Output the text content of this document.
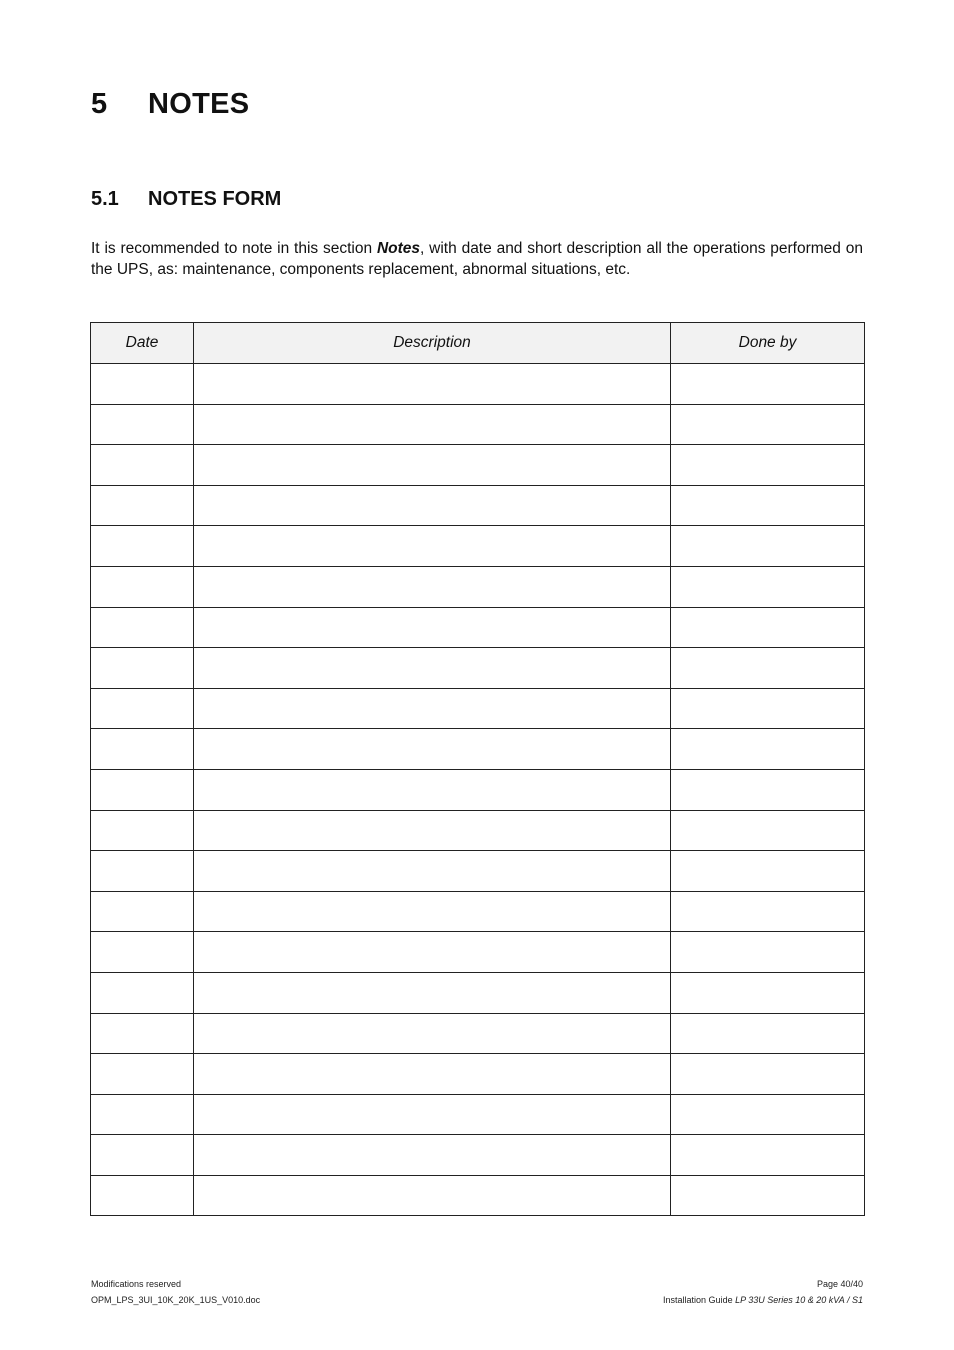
5	NOTES
5.1	NOTES FORM

It is recommended to note in this section Notes, with date and short description all the operations performed on the UPS, as: maintenance, components replacement, abnormal situations, etc.

Date	Description	Done by

Modifications reserved
OPM_LPS_3UI_10K_20K_1US_V010.doc
Page 40/40
Installation Guide LP 33U Series 10 & 20 kVA / S1
